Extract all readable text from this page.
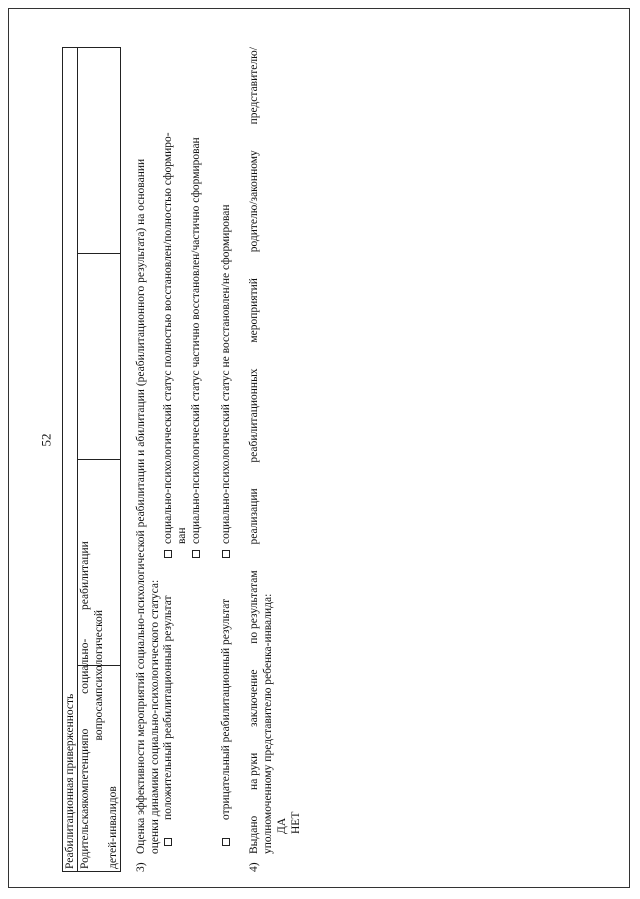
52
Реабилитационная приверженность

Родительская
компетенция
по вопросам
социально-психологической
реабилитации
детей-инвалидов
			3)
Оценка эффективности мероприятий социально-психологической реабилитации и абилитации (реабилитационного результата) на основании оценки динамики социально-психологического статуса: положительный реабилитационный результат
социально-психологический статус полностью восстановлен/полностью сформиро- ван социально-психологический статус частично восстановлен/частично сформирован
отрицательный реабилитационный результат
социально-психологический статус не восстановлен/не сформирован
4)
Выдано
на руки
заключение
по результатам
реализации
реабилитационных
мероприятий
родителю/законному
представителю/
уполномоченному представителю ребенка-инвалида: ДА НЕТ
